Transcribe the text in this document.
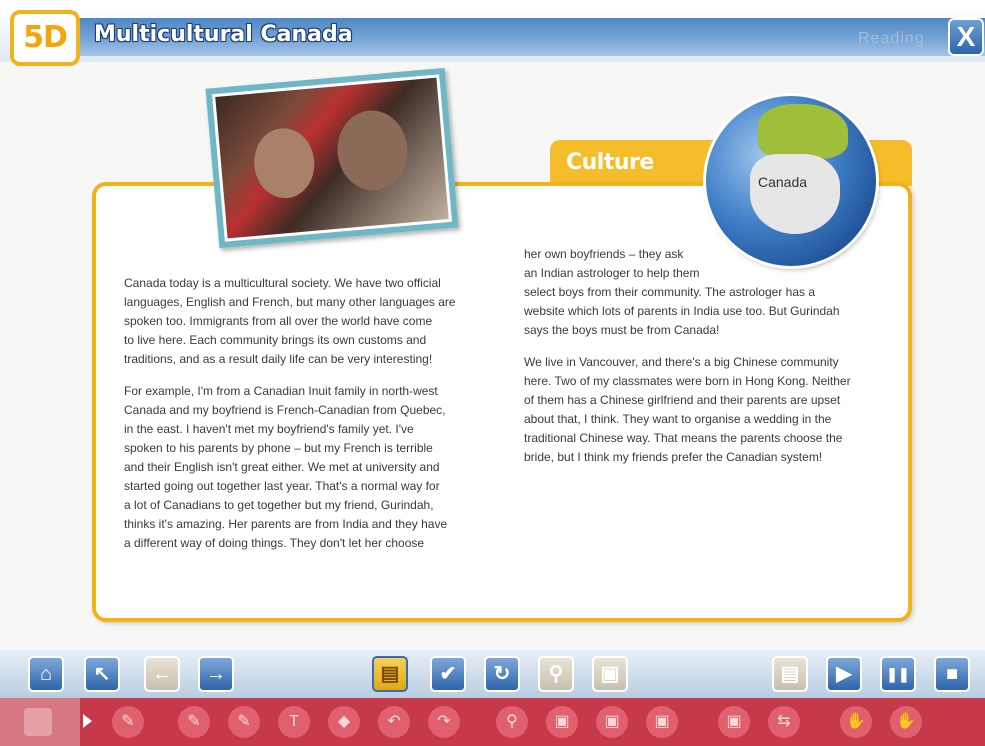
5D	Multicultural Canada	Reading	X
Culture
Canada

Canada today is a multicultural society. We have two official
languages, English and French, but many other languages are
spoken too. Immigrants from all over the world have come
to live here. Each community brings its own customs and
traditions, and as a result daily life can be very interesting!

For example, I'm from a Canadian Inuit family in north-west
Canada and my boyfriend is French-Canadian from Quebec,
in the east. I haven't met my boyfriend's family yet. I've
spoken to his parents by phone – but my French is terrible
and their English isn't great either. We met at university and
started going out together last year. That's a normal way for
a lot of Canadians to get together but my friend, Gurindah,
thinks it's amazing. Her parents are from India and they have
a different way of doing things. They don't let her choose

her own boyfriends – they ask
an Indian astrologer to help them

select boys from their community. The astrologer has a
website which lots of parents in India use too. But Gurindah
says the boys must be from Canada!

We live in Vancouver, and there's a big Chinese community
here. Two of my classmates were born in Hong Kong. Neither
of them has a Chinese girlfriend and their parents are upset
about that, I think. They want to organise a wedding in the
traditional Chinese way. That means the parents choose the
bride, but I think my friends prefer the Canadian system!

⌂	↖	←	→	▤	✔	↻	⚲	▣	▤	▶	❚❚	■
✎	✎	✎	T	◆	↶	↷	⚲	▣	▣	▣	▣	⇆	✋	✋
